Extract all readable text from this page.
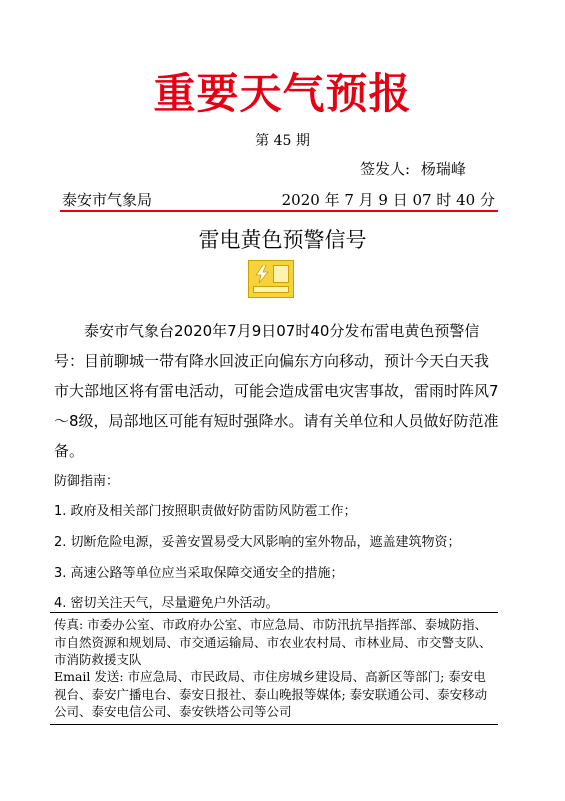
重要天气预报
第 45 期
签发人: 杨瑞峰
泰安市气象局	2020 年 7 月 9 日 07 时 40 分
雷电黄色预警信号
泰安市气象台2020年7月9日07时40分发布雷电黄色预警信号：目前聊城一带有降水回波正向偏东方向移动，预计今天白天我市大部地区将有雷电活动，可能会造成雷电灾害事故，雷雨时阵风7～8级，局部地区可能有短时强降水。请有关单位和人员做好防范准备。
防御指南：
1. 政府及相关部门按照职责做好防雷防风防雹工作；
2. 切断危险电源，妥善安置易受大风影响的室外物品，遮盖建筑物资；
3. 高速公路等单位应当采取保障交通安全的措施；
4. 密切关注天气，尽量避免户外活动。
传真: 市委办公室、市政府办公室、市应急局、市防汛抗旱指挥部、泰城防指、市自然资源和规划局、市交通运输局、市农业农村局、市林业局、市交警支队、市消防救援支队
Email 发送: 市应急局、市民政局、市住房城乡建设局、高新区等部门; 泰安电视台、泰安广播电台、泰安日报社、泰山晚报等媒体; 泰安联通公司、泰安移动公司、泰安电信公司、泰安铁塔公司等公司
